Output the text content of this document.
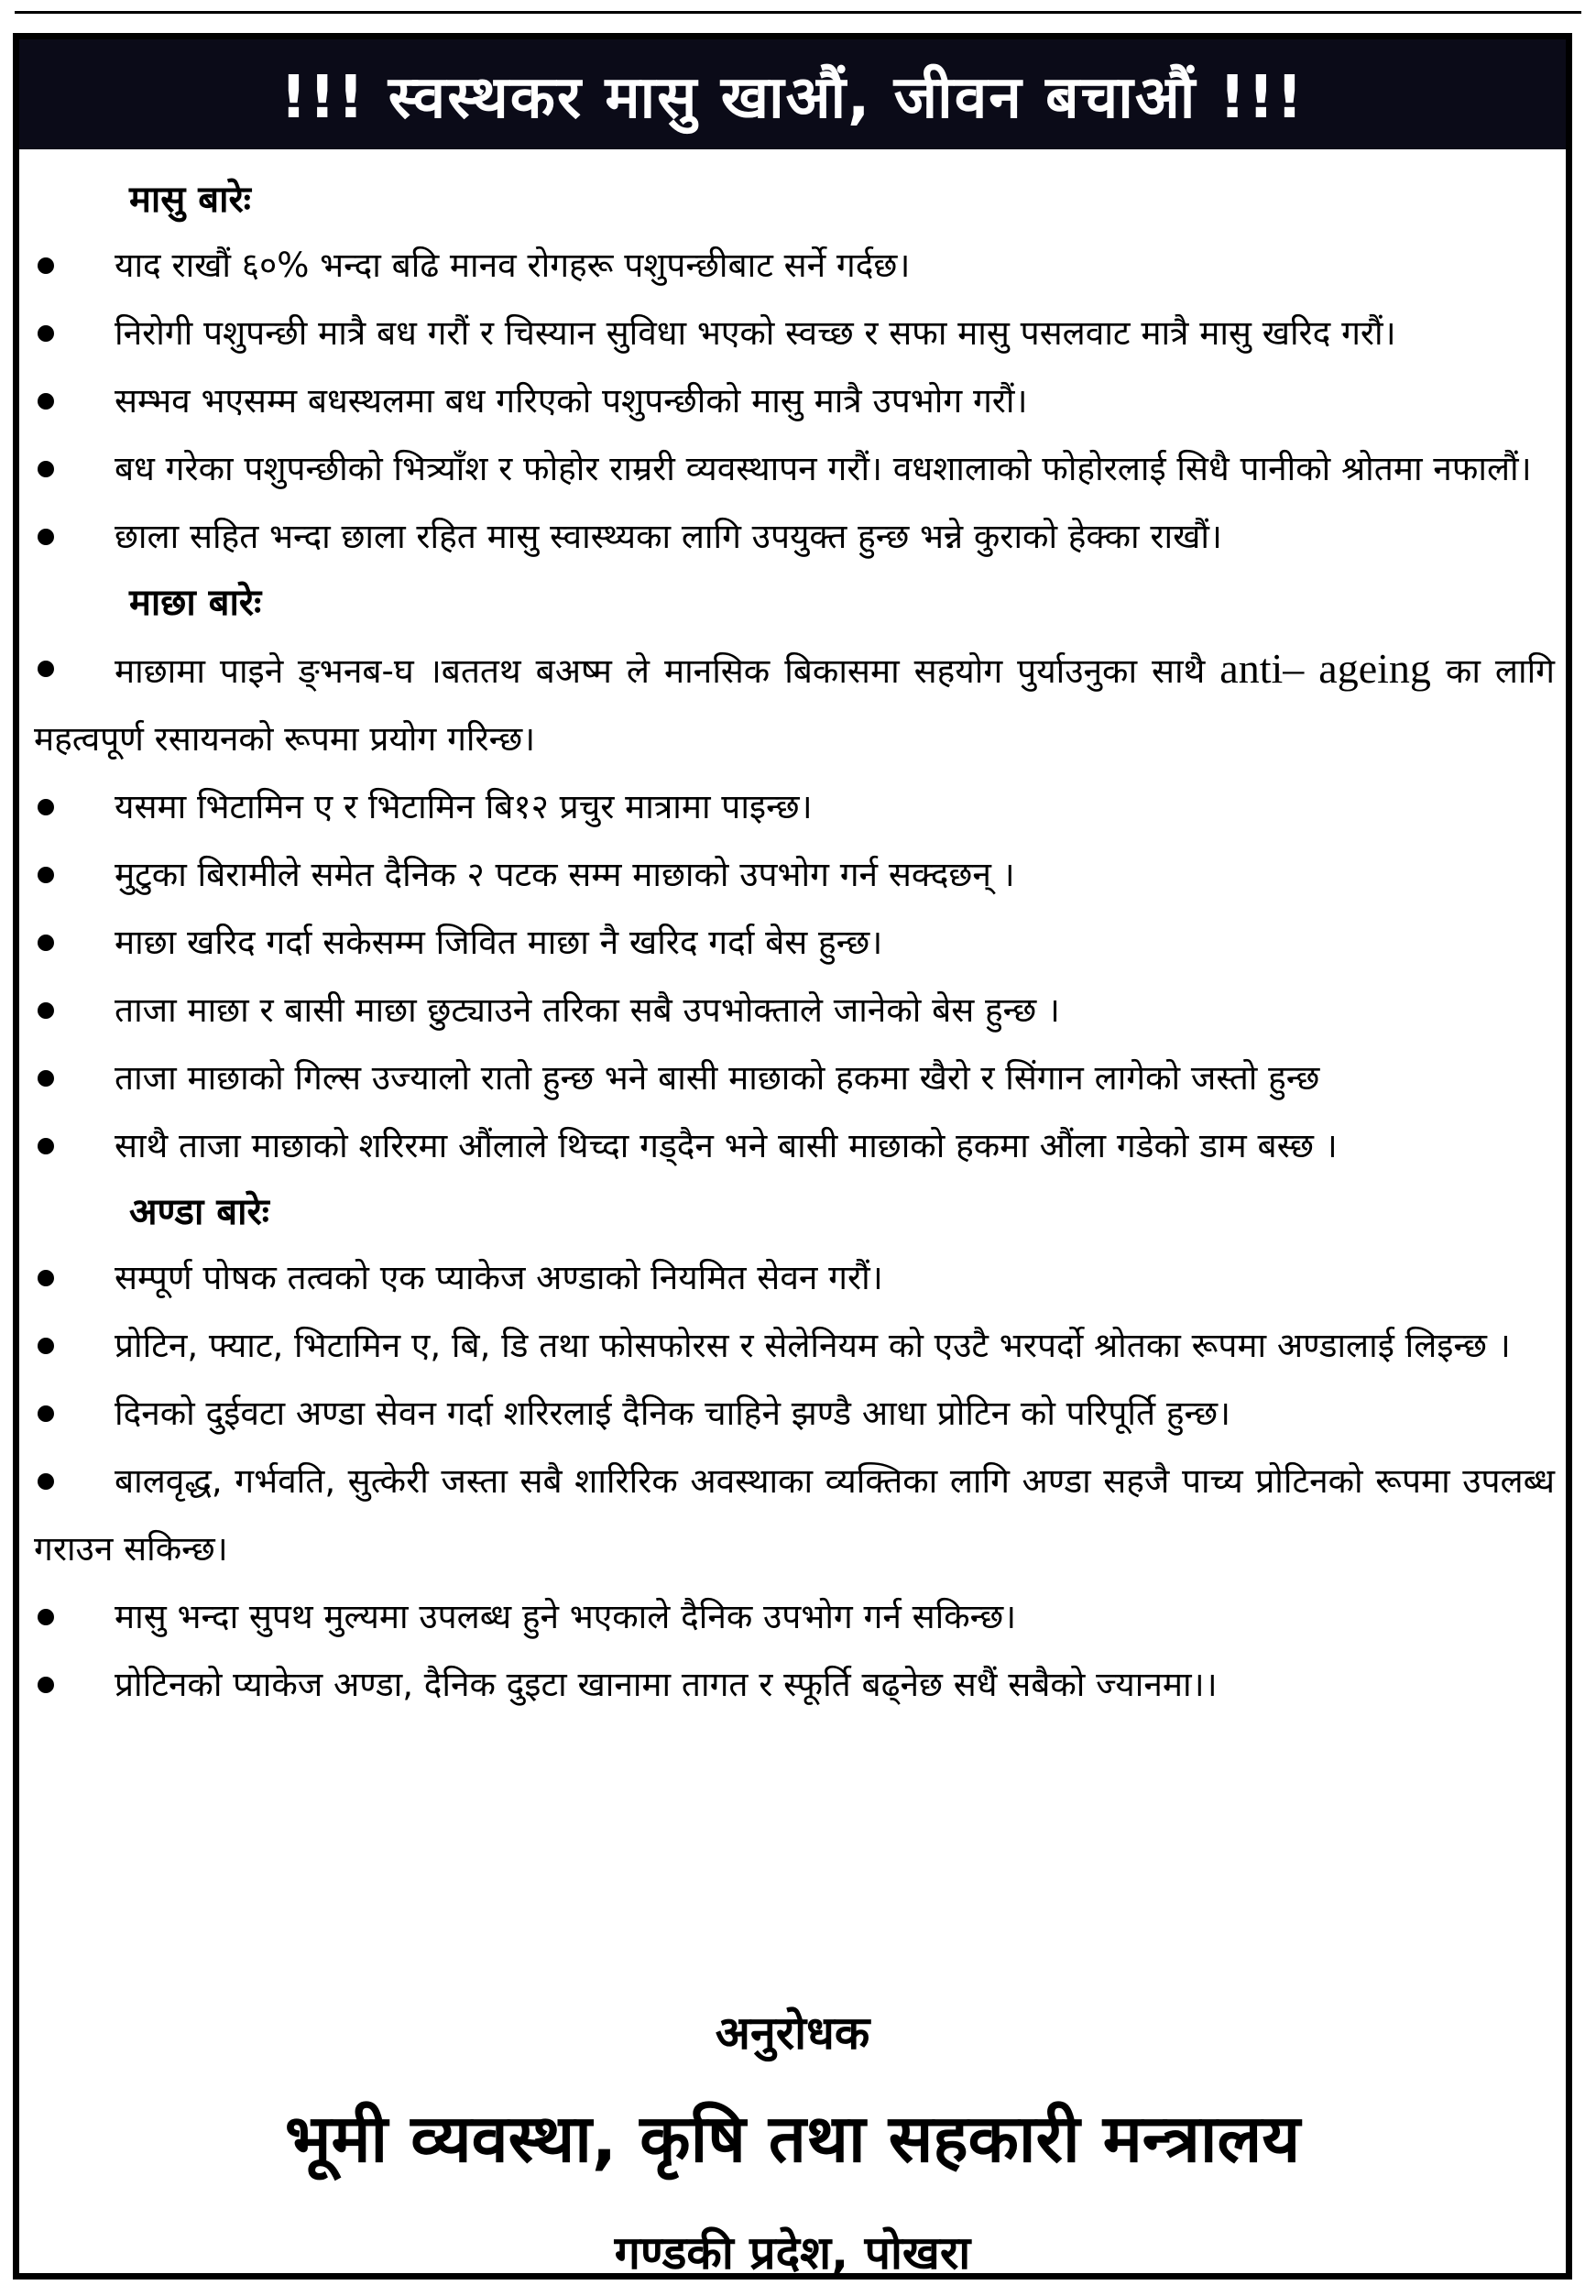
!!! स्वस्थकर मासु खाऔं, जीवन बचाऔं !!!
मासु बारेः
याद राखौं ६०% भन्दा बढि मानव रोगहरू पशुपन्छीबाट सर्ने गर्दछ।
निरोगी पशुपन्छी मात्रै बध गरौं र चिस्यान सुविधा भएको स्वच्छ र सफा मासु पसलवाट मात्रै मासु खरिद गरौं।
सम्भव भएसम्म बधस्थलमा बध गरिएको पशुपन्छीको मासु मात्रै उपभोग गरौं।
बध गरेका पशुपन्छीको भित्र्याँश र फोहोर राम्ररी व्यवस्थापन गरौं। वधशालाको फोहोरलाई सिधै पानीको श्रोतमा नफालौं।
छाला सहित भन्दा छाला रहित मासु स्वास्थ्यका लागि उपयुक्त हुन्छ भन्ने कुराको हेक्का राखौं।
माछा बारेः
माछामा पाइने ङ्भनब-घ ।बततथ बअष्म ले मानसिक बिकासमा सहयोग पुर्याउनुका साथै anti– ageing का लागि महत्वपूर्ण रसायनको रूपमा प्रयोग गरिन्छ।
यसमा भिटामिन ए र भिटामिन बि१२ प्रचुर मात्रामा पाइन्छ।
मुटुका बिरामीले समेत दैनिक २ पटक सम्म माछाको उपभोग गर्न सक्दछन् ।
माछा खरिद गर्दा सकेसम्म जिवित माछा नै खरिद गर्दा बेस हुन्छ।
ताजा माछा र बासी माछा छुट्याउने तरिका सबै उपभोक्ताले जानेको बेस हुन्छ ।
ताजा माछाको गिल्स उज्यालो रातो हुन्छ भने बासी माछाको हकमा खैरो र सिंगान लागेको जस्तो हुन्छ
साथै ताजा माछाको शरिरमा औंलाले थिच्दा गड्दैन भने बासी माछाको हकमा औंला गडेको डाम बस्छ ।
अण्डा बारेः
सम्पूर्ण पोषक तत्वको एक प्याकेज अण्डाको नियमित सेवन गरौं।
प्रोटिन, फ्याट, भिटामिन ए, बि, डि तथा फोसफोरस र सेलेनियम को एउटै भरपर्दो श्रोतका रूपमा अण्डालाई लिइन्छ ।
दिनको दुईवटा अण्डा सेवन गर्दा शरिरलाई दैनिक चाहिने झण्डै आधा प्रोटिन को परिपूर्ति हुन्छ।
बालवृद्ध, गर्भवति, सुत्केरी जस्ता सबै शारिरिक अवस्थाका व्यक्तिका लागि अण्डा सहजै पाच्य प्रोटिनको रूपमा उपलब्ध गराउन सकिन्छ।
मासु भन्दा सुपथ मुल्यमा उपलब्ध हुने भएकाले दैनिक उपभोग गर्न सकिन्छ।
प्रोटिनको प्याकेज अण्डा, दैनिक दुइटा खानामा तागत र स्फूर्ति बढ्नेछ सधैं सबैको ज्यानमा।।
अनुरोधक
भूमी व्यवस्था, कृषि तथा सहकारी मन्त्रालय
गण्डकी प्रदेश, पोखरा
